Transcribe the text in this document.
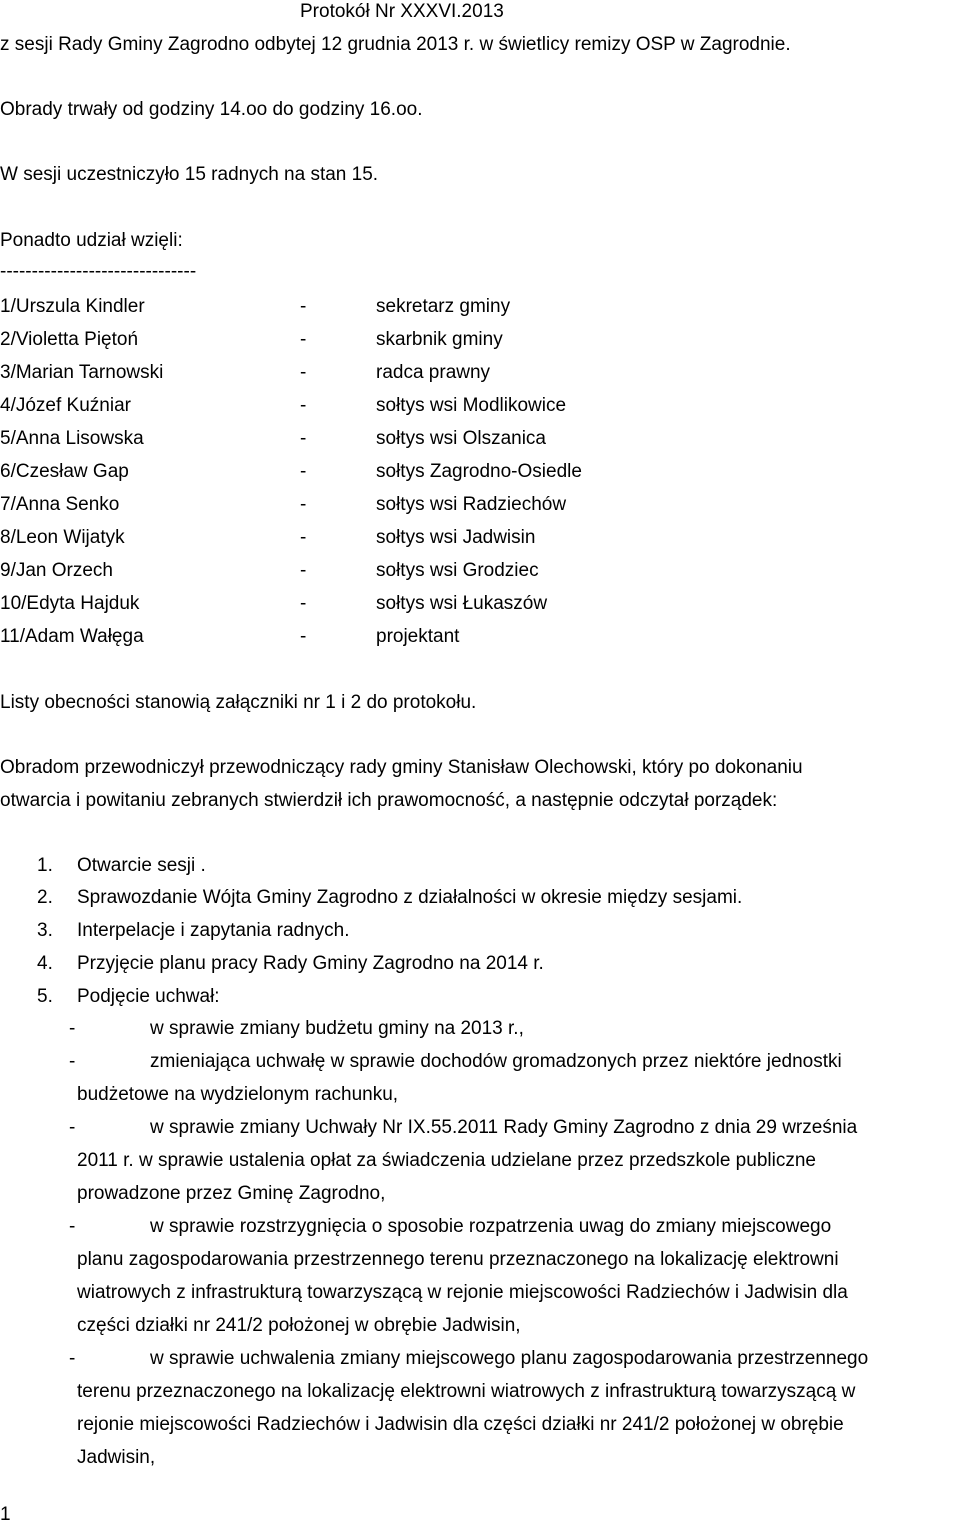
Protokół Nr XXXVI.2013
z sesji Rady Gminy Zagrodno odbytej 12 grudnia 2013 r. w świetlicy remizy OSP w Zagrodnie.
Obrady trwały od godziny 14.oo do godziny 16.oo.
W sesji uczestniczyło 15 radnych na stan 15.
Ponadto udział wzięli:
-------------------------------
1/Urszula Kindler	-	sekretarz gminy
2/Violetta Piętoń	-	skarbnik gminy
3/Marian Tarnowski	-	radca prawny
4/Józef Kuźniar	-	sołtys wsi Modlikowice
5/Anna Lisowska	-	sołtys wsi Olszanica
6/Czesław Gap	-	sołtys Zagrodno-Osiedle
7/Anna Senko	-	sołtys wsi Radziechów
8/Leon Wijatyk	-	sołtys wsi Jadwisin
9/Jan Orzech	-	sołtys wsi Grodziec
10/Edyta Hajduk	-	sołtys wsi Łukaszów
11/Adam Wałęga	-	projektant
Listy obecności stanowią załączniki nr 1 i 2 do protokołu.
Obradom przewodniczył przewodniczący rady gminy Stanisław Olechowski, który po dokonaniu
otwarcia i powitaniu zebranych stwierdził ich prawomocność, a następnie odczytał porządek:
1. Otwarcie sesji .
2. Sprawozdanie Wójta Gminy Zagrodno z działalności w okresie między sesjami.
3. Interpelacje i zapytania radnych.
4. Przyjęcie planu pracy Rady Gminy Zagrodno na 2014 r.
5. Podjęcie uchwał:
-	w sprawie zmiany budżetu gminy na 2013 r.,
-	zmieniająca uchwałę w sprawie dochodów gromadzonych przez niektóre jednostki
budżetowe na wydzielonym rachunku,
-	w sprawie zmiany Uchwały Nr IX.55.2011 Rady Gminy Zagrodno z dnia 29 września
2011 r. w sprawie ustalenia opłat za świadczenia udzielane przez przedszkole publiczne
prowadzone przez Gminę Zagrodno,
-	w sprawie rozstrzygnięcia o sposobie rozpatrzenia uwag do zmiany miejscowego
planu zagospodarowania przestrzennego terenu przeznaczonego na lokalizację elektrowni
wiatrowych z infrastrukturą towarzyszącą w rejonie miejscowości Radziechów i Jadwisin dla
części działki nr 241/2 położonej w obrębie Jadwisin,
-	w sprawie uchwalenia zmiany miejscowego planu zagospodarowania przestrzennego
terenu przeznaczonego na lokalizację elektrowni wiatrowych z infrastrukturą towarzyszącą w
rejonie miejscowości Radziechów i Jadwisin dla części działki nr 241/2 położonej w obrębie
Jadwisin,
1
